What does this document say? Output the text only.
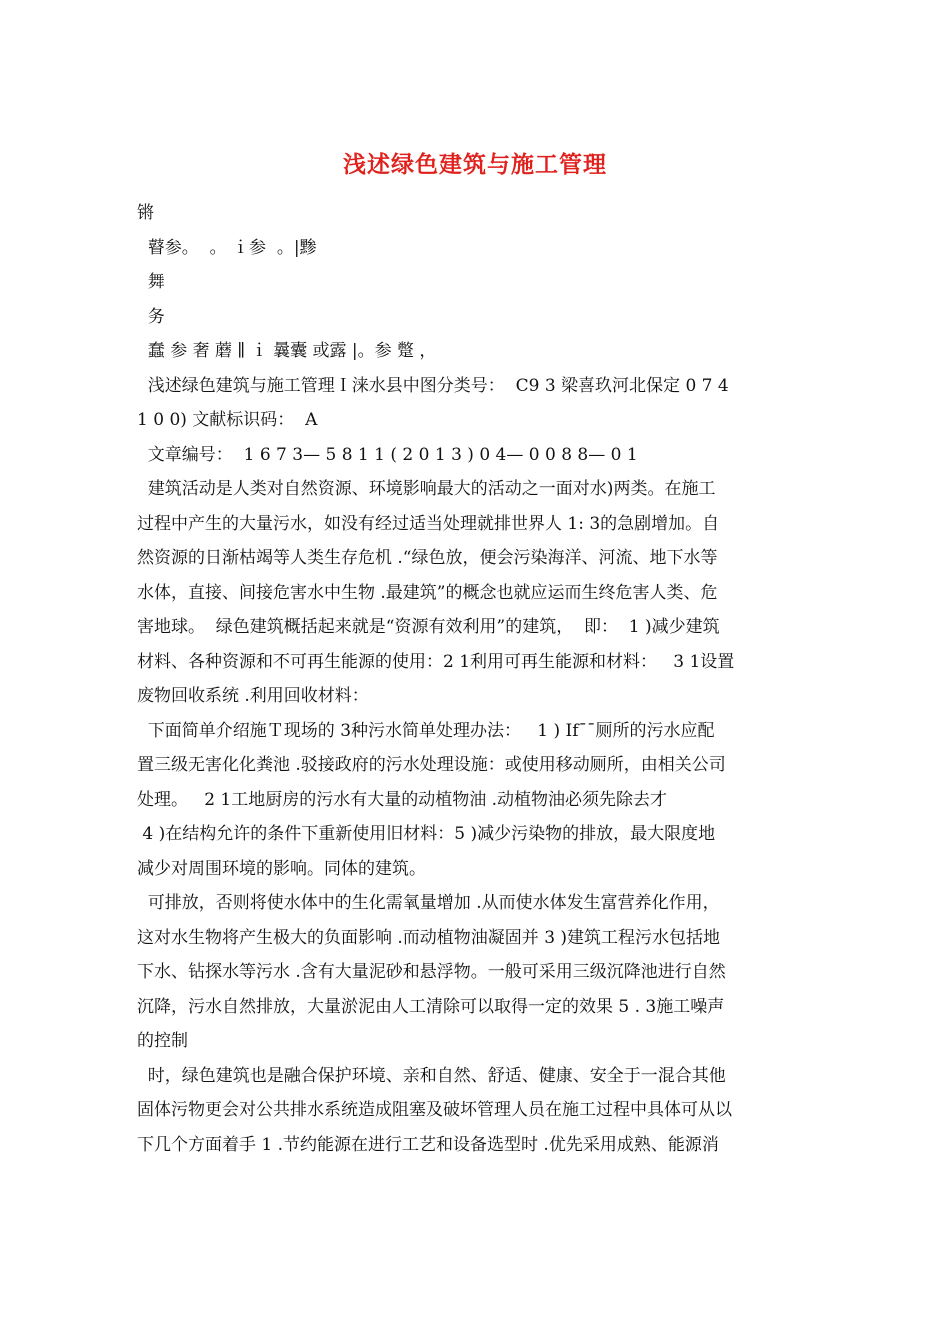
浅述绿色建筑与施工管理
锵
瞽参。  。 ｉ参  。|黪
舞
务
蠢 参 奢 蘑 ∥ ｉ 曩囊 或露 |。参 蹩 ，
浅述绿色建筑与施工管理Ｉ涞水县中图分类号：  C9 3 梁喜玖河北保定 0 7 4
1 0 0) 文献标识码：  A
文章编号：  1 6 7 3— 5 8 1 1 ( 2 0 1 3 ) 0 4— 0 0 8 8— 0 1
建筑活动是人类对自然资源、环境影响最大的活动之一面对水)两类。在施工
过程中产生的大量污水，如没有经过适当处理就排世界人 1: 3的急剧增加。自
然资源的日渐枯竭等人类生存危机 .“绿色放，便会污染海洋、河流、地下水等
水体，直接、间接危害水中生物 .最建筑”的概念也就应运而生终危害人类、危
害地球。  绿色建筑概括起来就是“资源有效利用”的建筑，  即：  1 )减少建筑
材料、各种资源和不可再生能源的使用：2 1利用可再生能源和材料：   3 1设置
废物回收系统 .利用回收材料：
下面简单介绍施Ｔ现场的 3种污水简单处理办法：   1 ) If¯¯厕所的污水应配
置三级无害化化粪池 .驳接政府的污水处理设施：或使用移动厕所，由相关公司
处理。   2 1工地厨房的污水有大量的动植物油 .动植物油必须先除去才
4 )在结构允许的条件下重新使用旧材料：5 )减少污染物的排放，最大限度地
减少对周围环境的影响。同体的建筑。
可排放，否则将使水体中的生化需氧量增加 .从而使水体发生富营养化作用，
这对水生物将产生极大的负面影响 .而动植物油凝固并 3 )建筑工程污水包括地
下水、钻探水等污水 .含有大量泥砂和悬浮物。一般可采用三级沉降池进行自然
沉降，污水自然排放，大量淤泥由人工清除可以取得一定的效果 5 . 3施工噪声
的控制
时，绿色建筑也是融合保护环境、亲和自然、舒适、健康、安全于一混合其他
固体污物更会对公共排水系统造成阻塞及破坏管理人员在施工过程中具体可从以
下几个方面着手 1 .节约能源在进行工艺和设备选型时 .优先采用成熟、能源消
